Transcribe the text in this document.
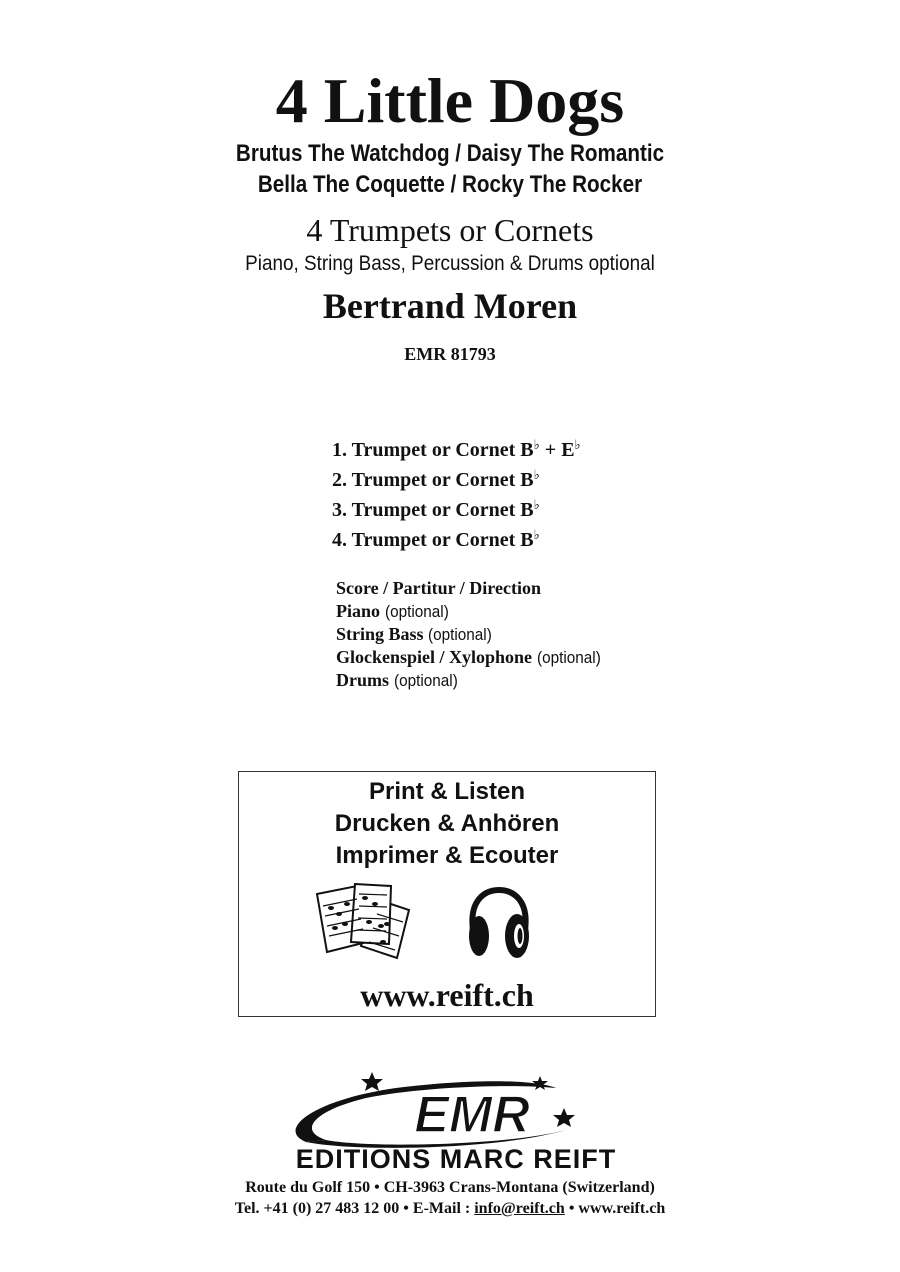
4 Little Dogs
Brutus The Watchdog / Daisy The Romantic
Bella The Coquette / Rocky The Rocker
4 Trumpets or Cornets
Piano, String Bass, Percussion & Drums optional
Bertrand Moren
EMR 81793
1. Trumpet or Cornet B♭ + E♭
2. Trumpet or Cornet B♭
3. Trumpet or Cornet B♭
4. Trumpet or Cornet B♭
Score / Partitur / Direction
Piano (optional)
String Bass (optional)
Glockenspiel / Xylophone (optional)
Drums (optional)
Print & Listen
Drucken & Anhören
Imprimer & Ecouter
www.reift.ch
EMR
EDITIONS MARC REIFT
Route du Golf 150 • CH-3963 Crans-Montana (Switzerland)
Tel. +41 (0) 27 483 12 00 • E-Mail : info@reift.ch • www.reift.ch
